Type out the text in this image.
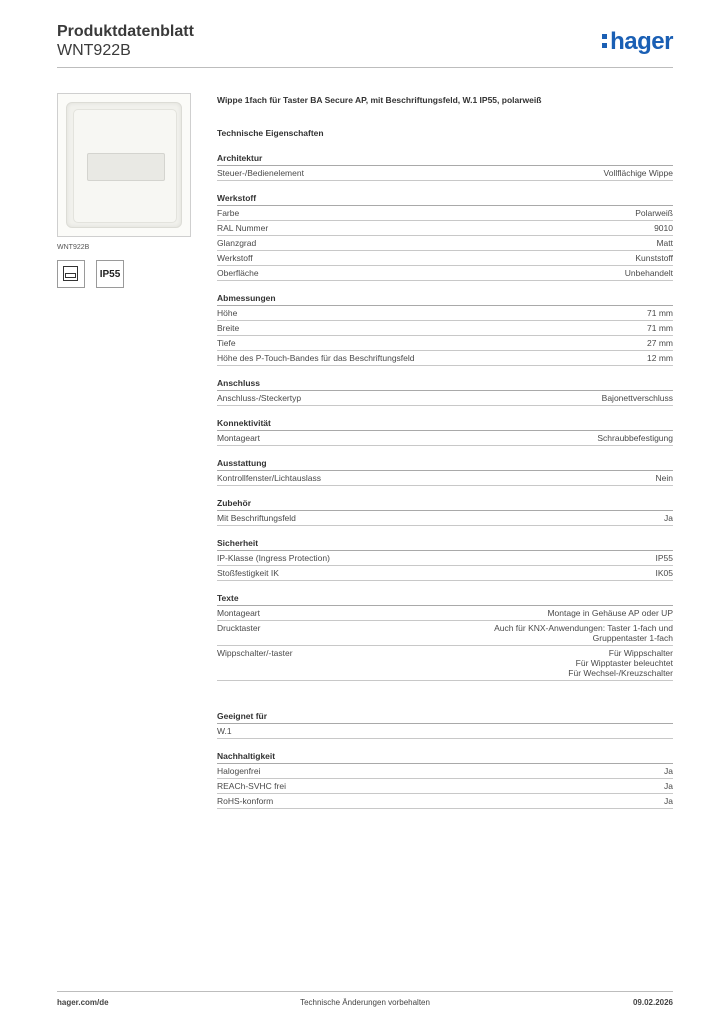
Produktdatenblatt
WNT922B	hager
WNT922B
IP55
Wippe 1fach für Taster BA Secure AP, mit Beschriftungsfeld, W.1 IP55, polarweiß
Technische Eigenschaften
Architektur
Steuer-/Bedienelement	Vollflächige Wippe
Werkstoff
Farbe	Polarweiß
RAL Nummer	9010
Glanzgrad	Matt
Werkstoff	Kunststoff
Oberfläche	Unbehandelt
Abmessungen
Höhe	71 mm
Breite	71 mm
Tiefe	27 mm
Höhe des P-Touch-Bandes für das Beschriftungsfeld	12 mm
Anschluss
Anschluss-/Steckertyp	Bajonettverschluss
Konnektivität
Montageart	Schraubbefestigung
Ausstattung
Kontrollfenster/Lichtauslass	Nein
Zubehör
Mit Beschriftungsfeld	Ja
Sicherheit
IP-Klasse (Ingress Protection)	IP55
Stoßfestigkeit IK	IK05
Texte
Montageart	Montage in Gehäuse AP oder UP
Drucktaster	Auch für KNX-Anwendungen: Taster 1-fach und
Gruppentaster 1-fach
Wippschalter/-taster	Für Wippschalter
Für Wipptaster beleuchtet
Für Wechsel-/Kreuzschalter
Geeignet für
W.1
Nachhaltigkeit
Halogenfrei	Ja
REACh-SVHC frei	Ja
RoHS-konform	Ja
hager.com/de	Technische Änderungen vorbehalten	09.02.2026
